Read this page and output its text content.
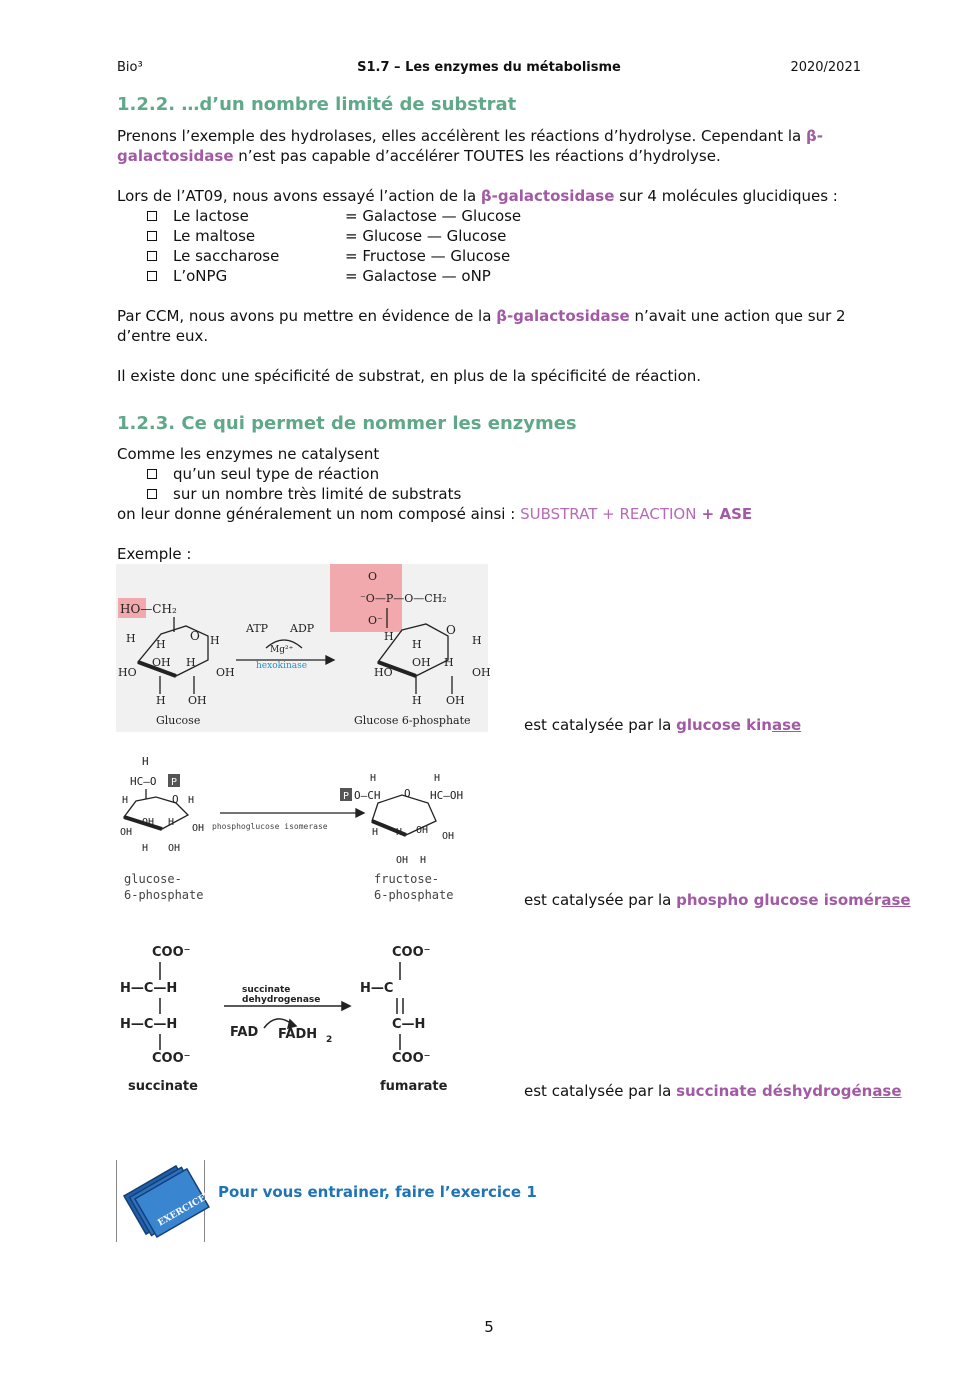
Bio³	S1.7 – Les enzymes du métabolisme	2020/2021
1.2.2. …d’un nombre limité de substrat

Prenons l’exemple des hydrolases, elles accélèrent les réactions d’hydrolyse. Cependant la β-galactosidase n’est pas capable d’accélérer TOUTES les réactions d’hydrolyse.

Lors de l’AT09, nous avons essayé l’action de la β-galactosidase sur 4 molécules glucidiques :

Le lactose	= Galactose — Glucose
Le maltose	= Glucose — Glucose
Le saccharose	= Fructose — Glucose
L’oNPG	= Galactose — oNP

Par CCM, nous avons pu mettre en évidence de la β-galactosidase n’avait une action que sur 2 d’entre eux.

Il existe donc une spécificité de substrat, en plus de la spécificité de réaction.

1.2.3. Ce qui permet de nommer les enzymes

Comme les enzymes ne catalysent

qu’un seul type de réaction
sur un nombre très limité de substrats

on leur donne généralement un nom composé ainsi : SUBSTRAT + REACTION + ASE

Exemple :

HO—CH₂
O
H H
OH H
H
HO	OH
H OH
⁻O—P—O—CH₂
O
O⁻
O
H
H
OH H
H
HO	OH
H OH
ATP ADP
Mg²⁺
hexokinase
Glucose	Glucose 6-phosphate	est catalysée par la glucose kinase
H
HC—O P
O
H	H
OH H
OH	OH
H OH
P O—CH
H	H
HC—OH
O
H H OH
OH
OH H
phosphoglucose isomerase
glucose-
6-phosphate
fructose-
6-phosphate	est catalysée par la phospho glucose isomérase
COO⁻
H—C—H
H—C—H
COO⁻
COO⁻
H—C
C—H
COO⁻
succinate
dehydrogenase
FAD FADH 2
succinate	fumarate	est catalysée par la succinate déshydrogénase
EXERCICES Pour vous entrainer, faire l’exercice 1
5
